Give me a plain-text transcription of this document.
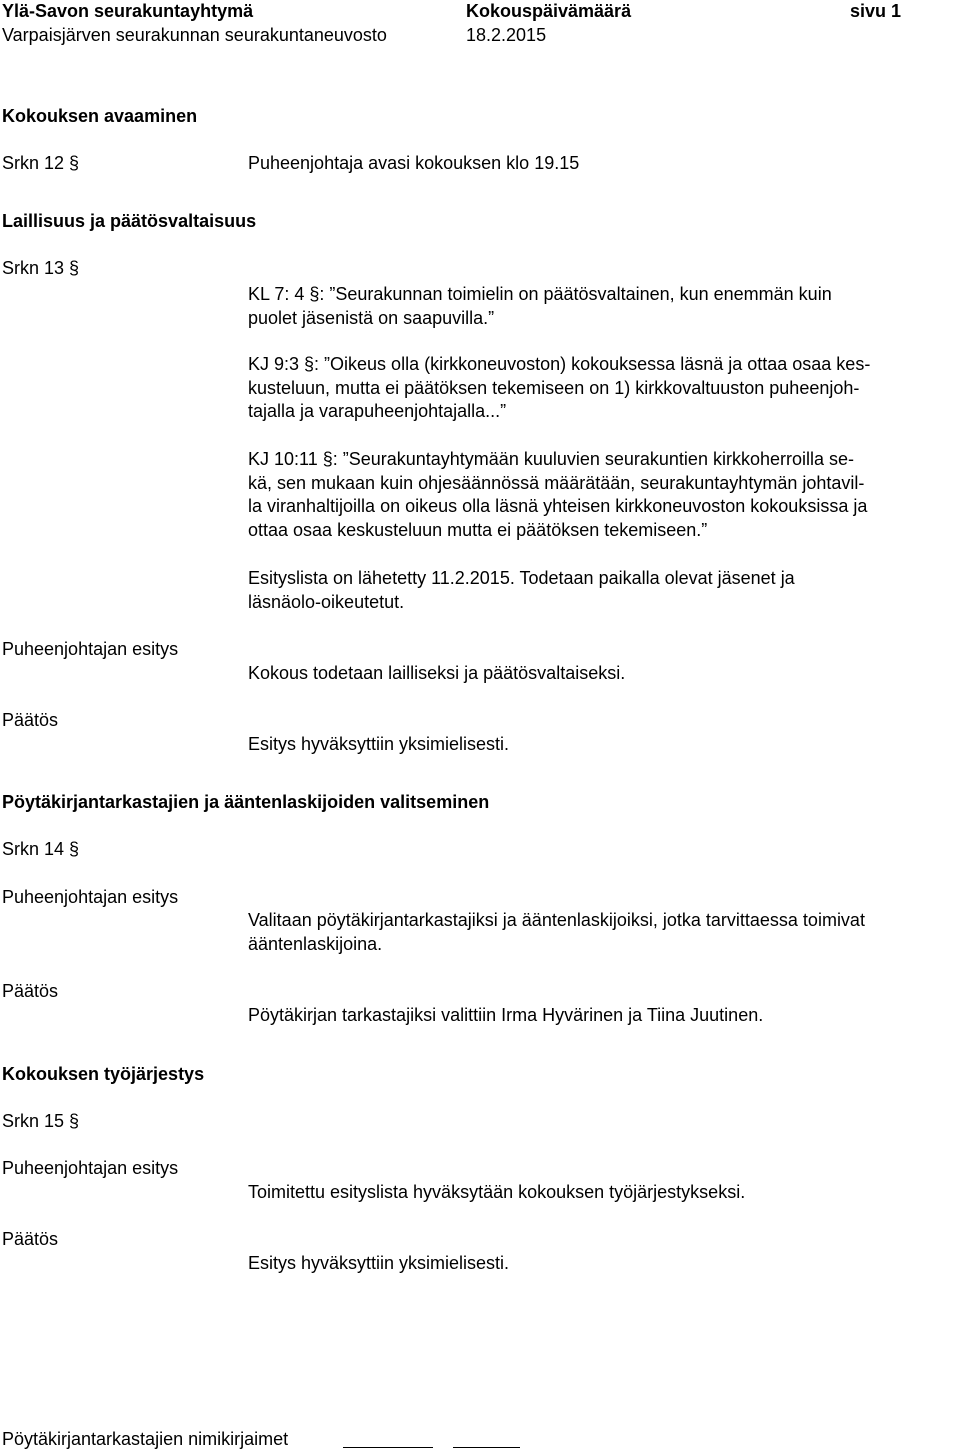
Ylä-Savon seurakuntayhtymä
Varpaisjärven seurakunnan seurakuntaneuvosto
Kokouspäivämäärä
18.2.2015
sivu 1
Kokouksen avaaminen
Srkn 12 §	Puheenjohtaja avasi kokouksen klo 19.15
Laillisuus ja päätösvaltaisuus
Srkn 13 §
KL 7: 4 §: ”Seurakunnan toimielin on päätösvaltainen, kun enemmän kuin
puolet jäsenistä on saapuvilla.”
KJ 9:3 §: ”Oikeus olla (kirkkoneuvoston) kokouksessa läsnä ja ottaa osaa kes-
kusteluun, mutta ei päätöksen tekemiseen on 1) kirkkovaltuuston puheenjoh-
tajalla ja varapuheenjohtajalla...”
KJ 10:11 §: ”Seurakuntayhtymään kuuluvien seurakuntien kirkkoherroilla se-
kä, sen mukaan kuin ohjesäännössä määrätään, seurakuntayhtymän johtavil-
la viranhaltijoilla on oikeus olla läsnä yhteisen kirkkoneuvoston kokouksissa ja
ottaa osaa keskusteluun mutta ei päätöksen tekemiseen.”
Esityslista on lähetetty 11.2.2015. Todetaan paikalla olevat jäsenet ja
läsnäolo-oikeutetut.
Puheenjohtajan esitys
Kokous todetaan lailliseksi ja päätösvaltaiseksi.
Päätös
Esitys hyväksyttiin yksimielisesti.
Pöytäkirjantarkastajien ja ääntenlaskijoiden valitseminen
Srkn 14 §
Puheenjohtajan esitys
Valitaan pöytäkirjantarkastajiksi ja ääntenlaskijoiksi, jotka tarvittaessa toimivat
ääntenlaskijoina.
Päätös
Pöytäkirjan tarkastajiksi valittiin Irma Hyvärinen ja Tiina Juutinen.
Kokouksen työjärjestys
Srkn 15 §
Puheenjohtajan esitys
Toimitettu esityslista hyväksytään kokouksen työjärjestykseksi.
Päätös
Esitys hyväksyttiin yksimielisesti.
Pöytäkirjantarkastajien nimikirjaimet
